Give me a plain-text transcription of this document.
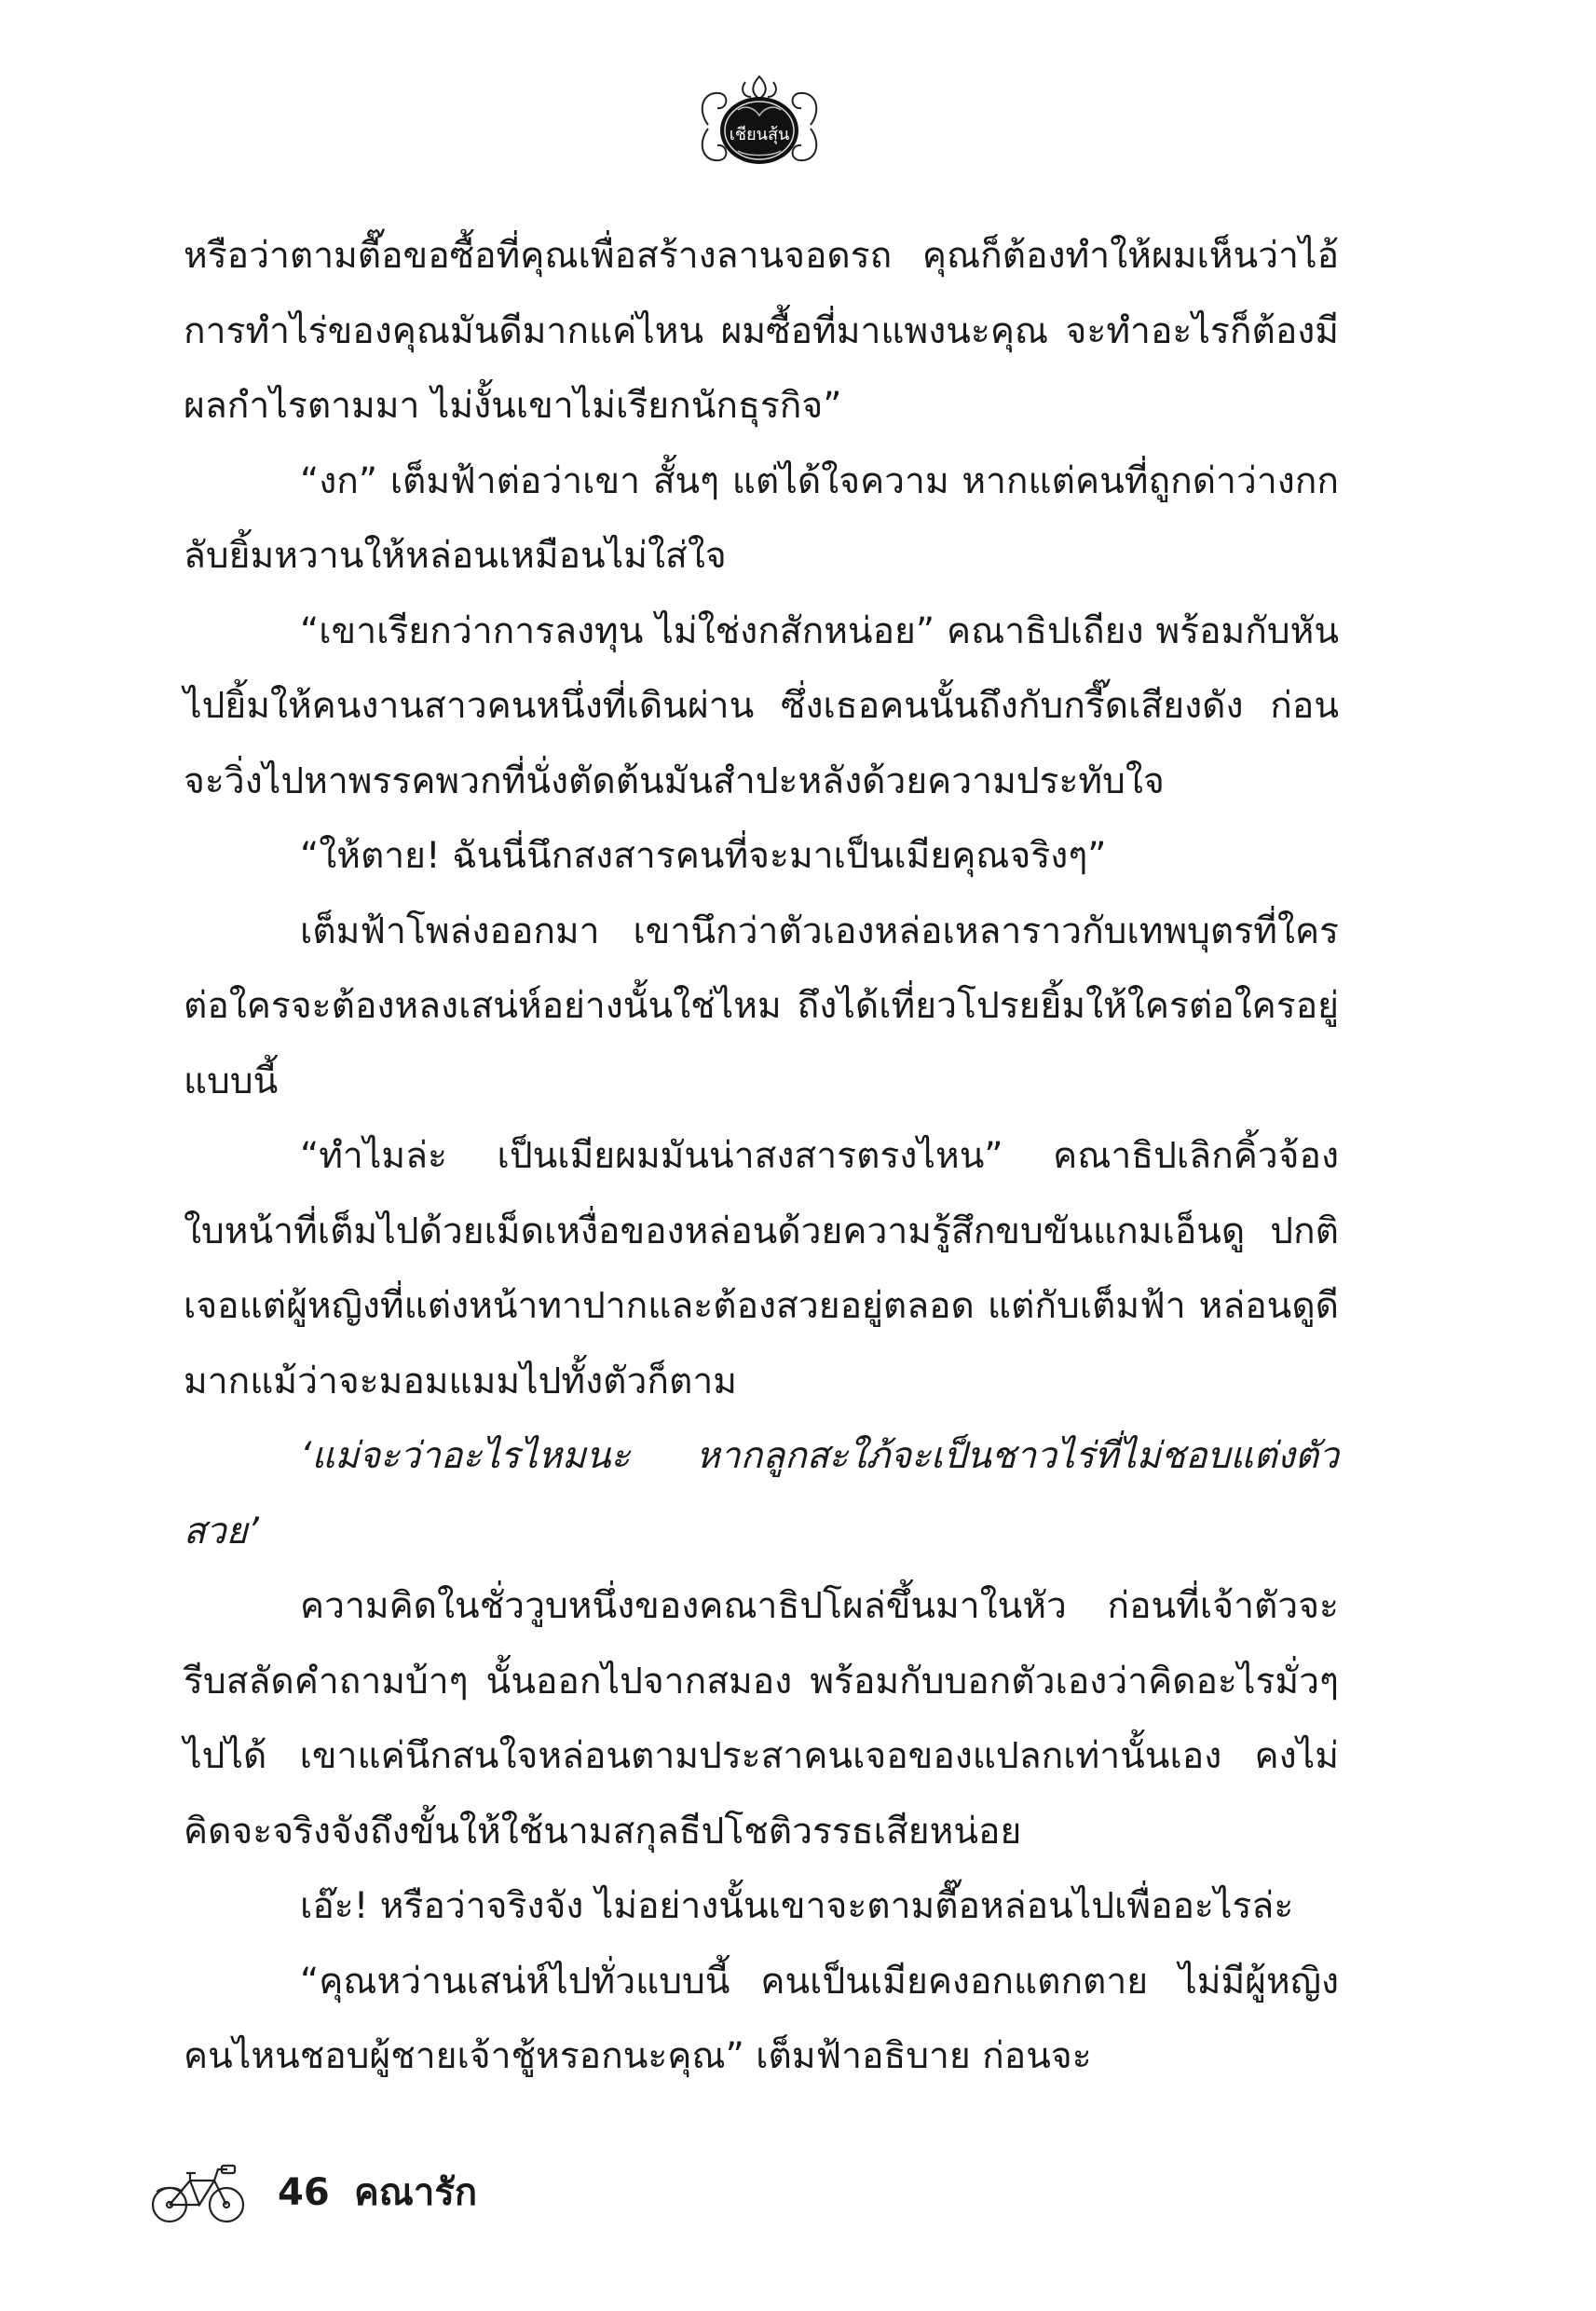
เชียนสุ้น

หรือว่าตามตื๊อขอซื้อที่คุณเพื่อสร้างลานจอดรถ คุณก็ต้องทำให้ผมเห็นว่าไอ้การทำไร่ของคุณมันดีมากแค่ไหน ผมซื้อที่มาแพงนะคุณ จะทำอะไรก็ต้องมีผลกำไรตามมา ไม่งั้นเขาไม่เรียกนักธุรกิจ”

“งก” เต็มฟ้าต่อว่าเขา สั้นๆ แต่ได้ใจความ หากแต่คนที่ถูกด่าว่างกกลับยิ้มหวานให้หล่อนเหมือนไม่ใส่ใจ

“เขาเรียกว่าการลงทุน ไม่ใช่งกสักหน่อย” คณาธิปเถียง พร้อมกับหันไปยิ้มให้คนงานสาวคนหนึ่งที่เดินผ่าน ซึ่งเธอคนนั้นถึงกับกรี๊ดเสียงดัง ก่อนจะวิ่งไปหาพรรคพวกที่นั่งตัดต้นมันสำปะหลังด้วยความประทับใจ

“ให้ตาย! ฉันนี่นึกสงสารคนที่จะมาเป็นเมียคุณจริงๆ”

เต็มฟ้าโพล่งออกมา เขานึกว่าตัวเองหล่อเหลาราวกับเทพบุตรที่ใครต่อใครจะต้องหลงเสน่ห์อย่างนั้นใช่ไหม ถึงได้เที่ยวโปรยยิ้มให้ใครต่อใครอยู่แบบนี้

“ทำไมล่ะ เป็นเมียผมมันน่าสงสารตรงไหน” คณาธิปเลิกคิ้วจ้องใบหน้าที่เต็มไปด้วยเม็ดเหงื่อของหล่อนด้วยความรู้สึกขบขันแกมเอ็นดู ปกติเจอแต่ผู้หญิงที่แต่งหน้าทาปากและต้องสวยอยู่ตลอด แต่กับเต็มฟ้า หล่อนดูดีมากแม้ว่าจะมอมแมมไปทั้งตัวก็ตาม

‘แม่จะว่าอะไรไหมนะ หากลูกสะใภ้จะเป็นชาวไร่ที่ไม่ชอบแต่งตัวสวย’

ความคิดในชั่ววูบหนึ่งของคณาธิปโผล่ขึ้นมาในหัว ก่อนที่เจ้าตัวจะรีบสลัดคำถามบ้าๆ นั้นออกไปจากสมอง พร้อมกับบอกตัวเองว่าคิดอะไรมั่วๆ ไปได้ เขาแค่นึกสนใจหล่อนตามประสาคนเจอของแปลกเท่านั้นเอง คงไม่คิดจะจริงจังถึงขั้นให้ใช้นามสกุลธีปโชติวรรธเสียหน่อย

เอ๊ะ! หรือว่าจริงจัง ไม่อย่างนั้นเขาจะตามตื๊อหล่อนไปเพื่ออะไรล่ะ

“คุณหว่านเสน่ห์ไปทั่วแบบนี้ คนเป็นเมียคงอกแตกตาย ไม่มีผู้หญิงคนไหนชอบผู้ชายเจ้าชู้หรอกนะคุณ” เต็มฟ้าอธิบาย ก่อนจะ

46 คณารัก
